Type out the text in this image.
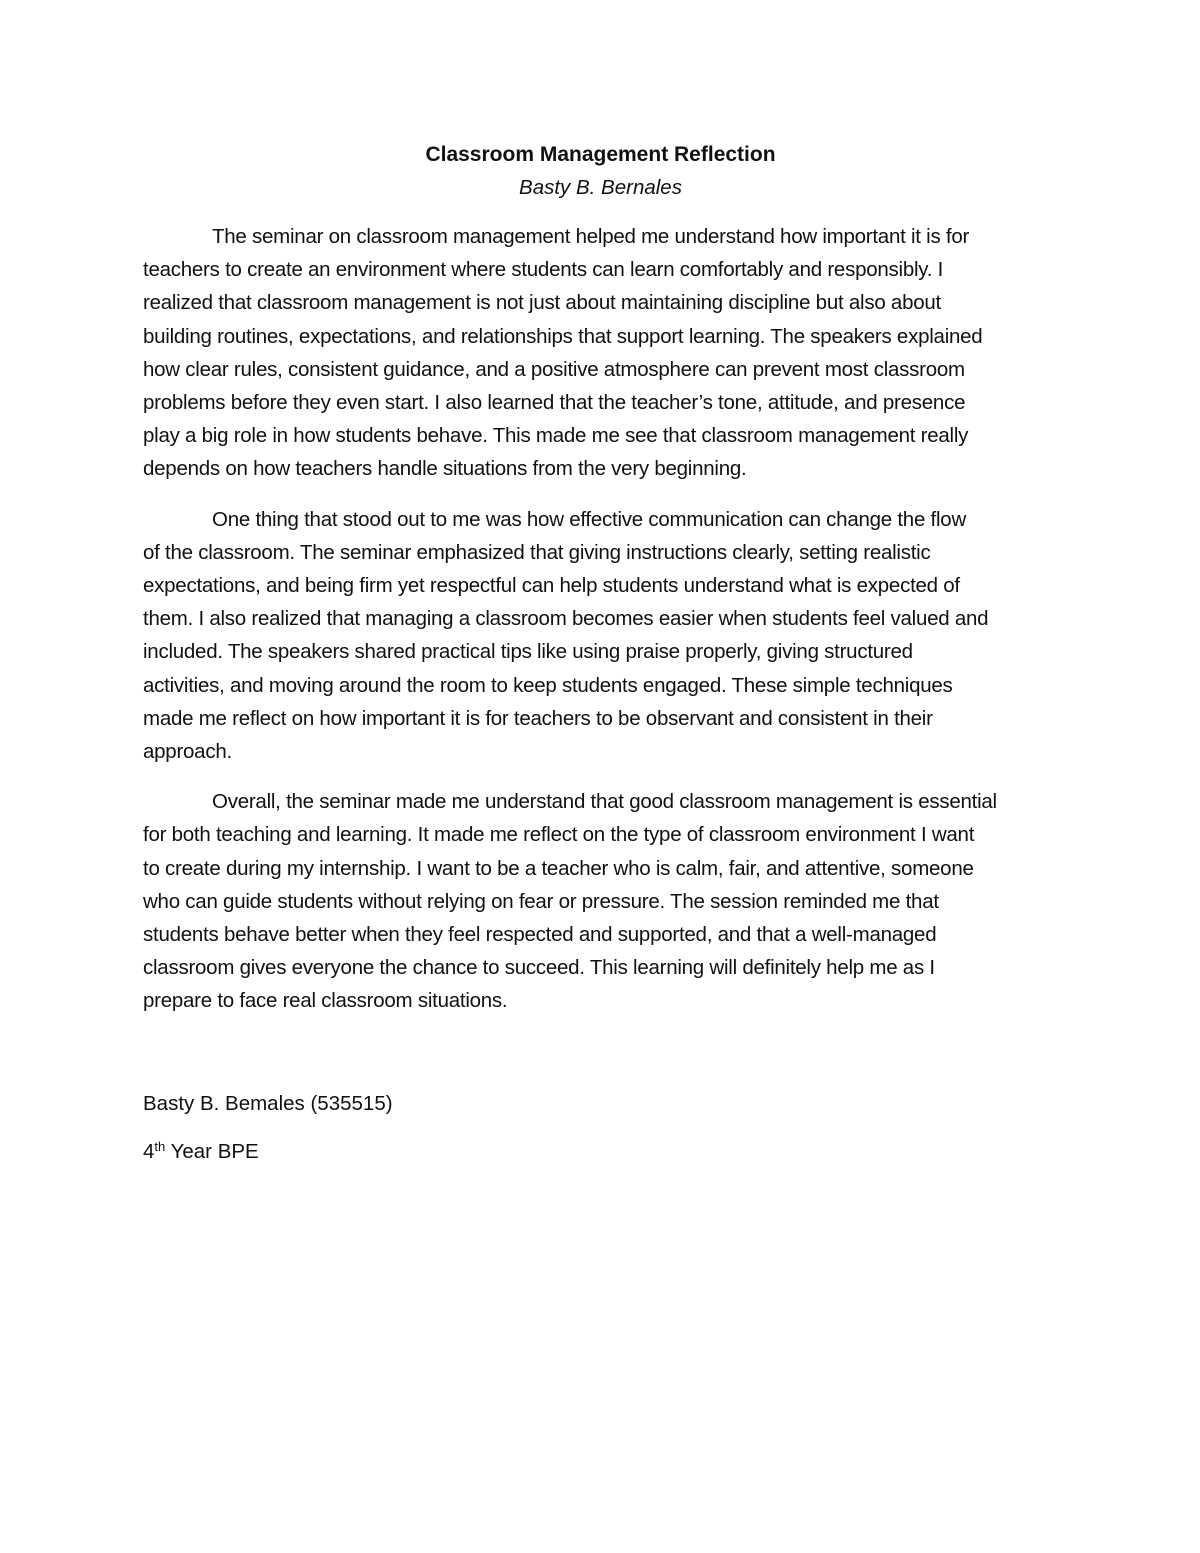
Classroom Management Reflection

Basty B. Bernales

The seminar on classroom management helped me understand how important it is for
teachers to create an environment where students can learn comfortably and responsibly. I
realized that classroom management is not just about maintaining discipline but also about
building routines, expectations, and relationships that support learning. The speakers explained
how clear rules, consistent guidance, and a positive atmosphere can prevent most classroom
problems before they even start. I also learned that the teacher’s tone, attitude, and presence
play a big role in how students behave. This made me see that classroom management really
depends on how teachers handle situations from the very beginning.

One thing that stood out to me was how effective communication can change the flow
of the classroom. The seminar emphasized that giving instructions clearly, setting realistic
expectations, and being firm yet respectful can help students understand what is expected of
them. I also realized that managing a classroom becomes easier when students feel valued and
included. The speakers shared practical tips like using praise properly, giving structured
activities, and moving around the room to keep students engaged. These simple techniques
made me reflect on how important it is for teachers to be observant and consistent in their
approach.

Overall, the seminar made me understand that good classroom management is essential
for both teaching and learning. It made me reflect on the type of classroom environment I want
to create during my internship. I want to be a teacher who is calm, fair, and attentive, someone
who can guide students without relying on fear or pressure. The session reminded me that
students behave better when they feel respected and supported, and that a well-managed
classroom gives everyone the chance to succeed. This learning will definitely help me as I
prepare to face real classroom situations.

Basty B. Bemales (535515)

4th Year BPE
